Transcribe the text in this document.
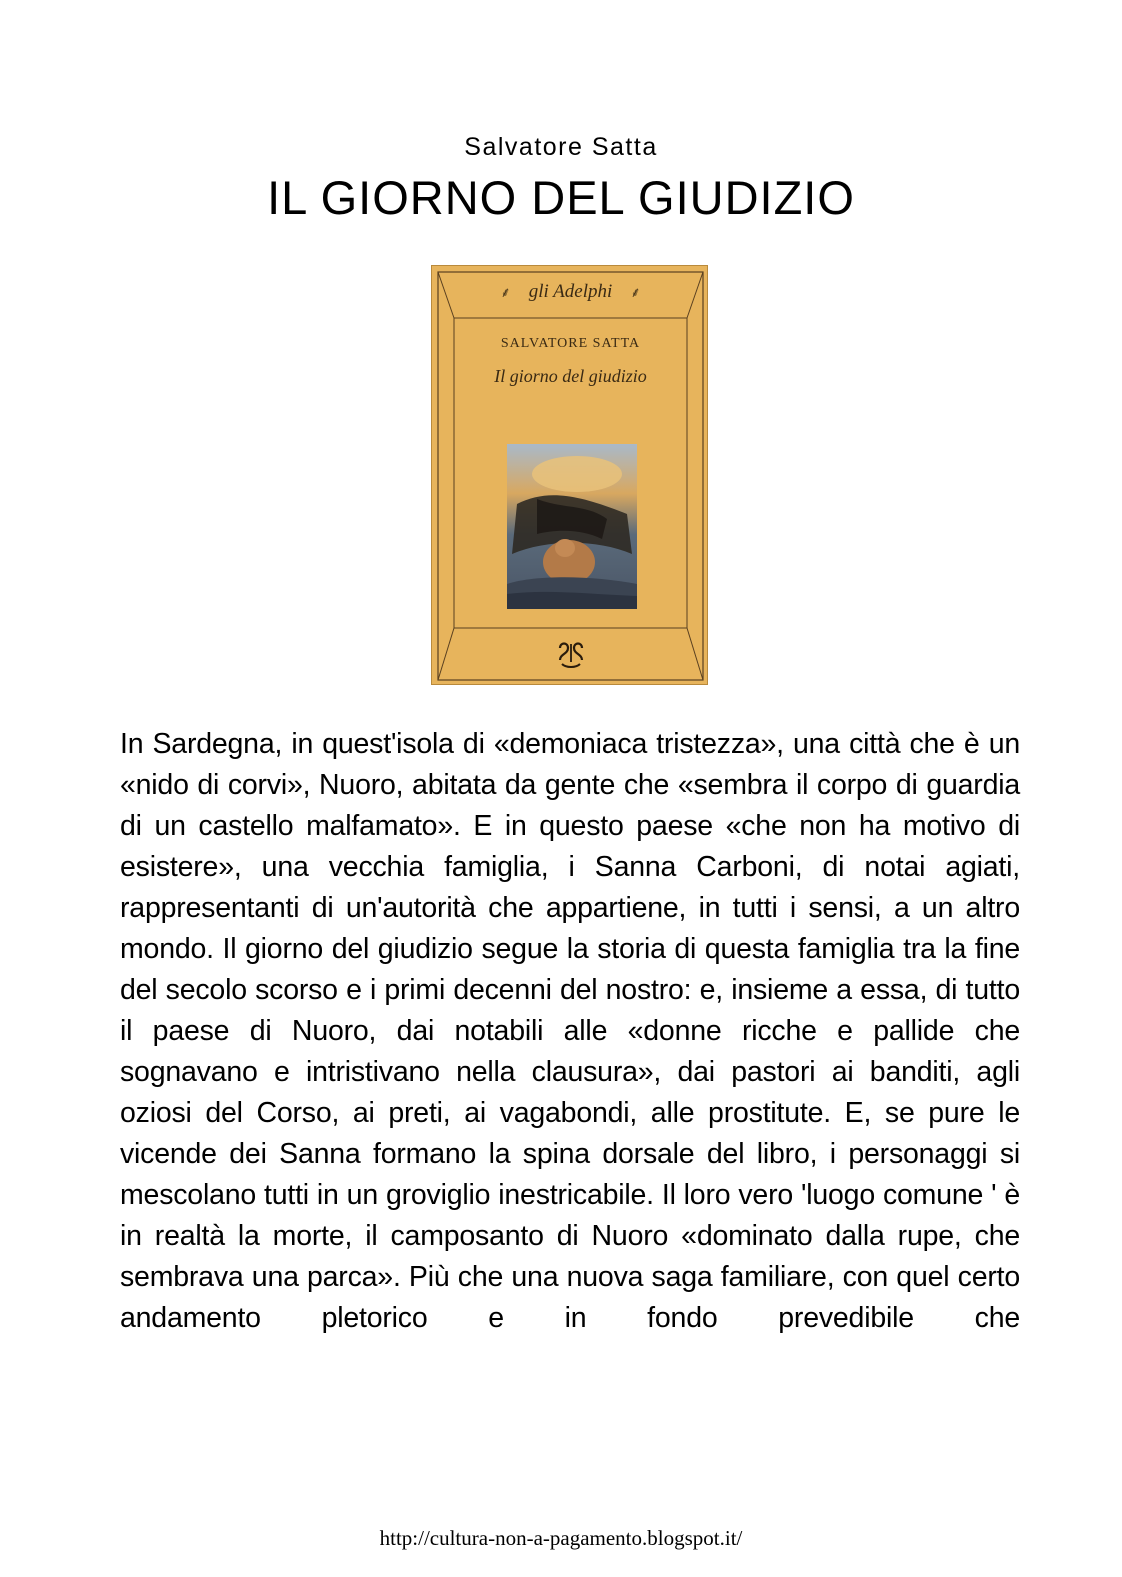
Salvatore Satta
IL GIORNO DEL GIUDIZIO
⸙ gli Adelphi ⸙
SALVATORE SATTA
Il giorno del giudizio
In Sardegna, in quest'isola di «demoniaca tristezza», una città che è un «nido di corvi», Nuoro, abitata da gente che «sembra il corpo di guardia di un castello malfamato». E in questo paese «che non ha motivo di esistere», una vecchia famiglia, i Sanna Carboni, di notai agiati, rappresentanti di un'autorità che appartiene, in tutti i sensi, a un altro mondo. Il giorno del giudizio segue la storia di questa famiglia tra la fine del secolo scorso e i primi decenni del nostro: e, insieme a essa, di tutto il paese di Nuoro, dai notabili alle «donne ricche e pallide che sognavano e intristivano nella clausura», dai pastori ai banditi, agli oziosi del Corso, ai preti, ai vagabondi, alle prostitute. E, se pure le vicende dei Sanna formano la spina dorsale del libro, i personaggi si mescolano tutti in un groviglio inestricabile. Il loro vero 'luogo comune ' è in realtà la morte, il camposanto di Nuoro «dominato dalla rupe, che sembrava una parca». Più che una nuova saga familiare, con quel certo andamento pletorico e in fondo prevedibile che
http://cultura-non-a-pagamento.blogspot.it/
